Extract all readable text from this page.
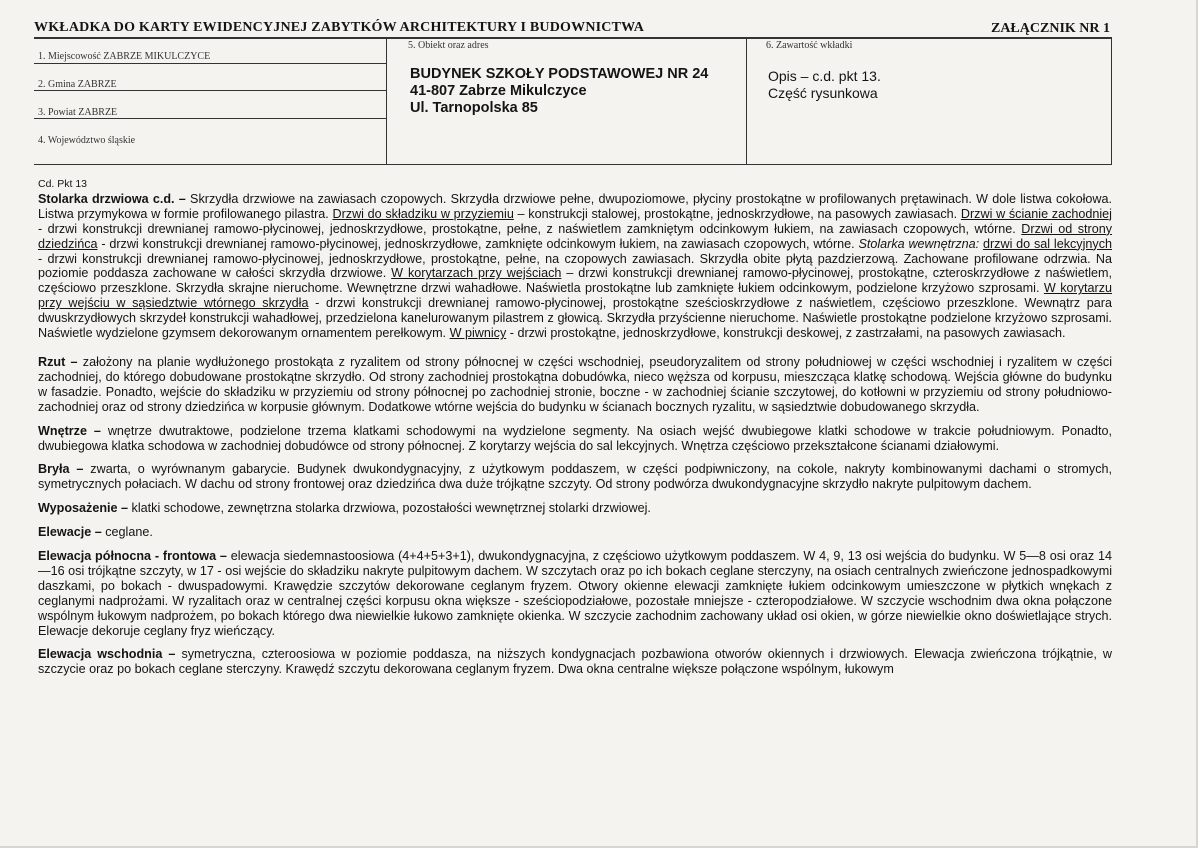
WKŁADKA DO KARTY EWIDENCYJNEJ ZABYTKÓW ARCHITEKTURY I BUDOWNICTWA	ZAŁĄCZNIK NR 1
1. Miejscowość ZABRZE MIKULCZYCE
2. Gmina ZABRZE
3. Powiat ZABRZE
4. Województwo śląskie
5. Obiekt oraz adres
BUDYNEK SZKOŁY PODSTAWOWEJ NR 24
41-807 Zabrze Mikulczyce
Ul. Tarnopolska 85
6. Zawartość wkładki
Opis – c.d. pkt 13.
Część rysunkowa

Cd. Pkt 13

Stolarka drzwiowa c.d. – Skrzydła drzwiowe na zawiasach czopowych. Skrzydła drzwiowe pełne, dwupoziomowe, płyciny prostokątne w profilowanych prętawinach. W dole listwa cokołowa. Listwa przymykowa w formie profilowanego pilastra. Drzwi do składziku w przyziemiu – konstrukcji stalowej, prostokątne, jednoskrzydłowe, na pasowych zawiasach. Drzwi w ścianie zachodniej - drzwi konstrukcji drewnianej ramowo-płycinowej, jednoskrzydłowe, prostokątne, pełne, z naświetlem zamkniętym odcinkowym łukiem, na zawiasach czopowych, wtórne. Drzwi od strony dziedzińca - drzwi konstrukcji drewnianej ramowo-płycinowej, jednoskrzydłowe, zamknięte odcinkowym łukiem, na zawiasach czopowych, wtórne. Stolarka wewnętrzna: drzwi do sal lekcyjnych - drzwi konstrukcji drewnianej ramowo-płycinowej, jednoskrzydłowe, prostokątne, pełne, na czopowych zawiasach. Skrzydła obite płytą pazdzierzową. Zachowane profilowane odrzwia. Na poziomie poddasza zachowane w całości skrzydła drzwiowe. W korytarzach przy wejściach – drzwi konstrukcji drewnianej ramowo-płycinowej, prostokątne, czteroskrzydłowe z naświetlem, częściowo przeszklone. Skrzydła skrajne nieruchome. Wewnętrzne drzwi wahadłowe. Naświetla prostokątne lub zamknięte łukiem odcinkowym, podzielone krzyżowo szprosami. W korytarzu przy wejściu w sąsiedztwie wtórnego skrzydła - drzwi konstrukcji drewnianej ramowo-płycinowej, prostokątne sześcioskrzydłowe z naświetlem, częściowo przeszklone. Wewnątrz para dwuskrzydłowych skrzydeł konstrukcji wahadłowej, przedzielona kanelurowanym pilastrem z głowicą. Skrzydła przyścienne nieruchome. Naświetle prostokątne podzielone krzyżowo szprosami. Naświetle wydzielone gzymsem dekorowanym ornamentem perełkowym. W piwnicy - drzwi prostokątne, jednoskrzydłowe, konstrukcji deskowej, z zastrzałami, na pasowych zawiasach.

Rzut – założony na planie wydłużonego prostokąta z ryzalitem od strony północnej w części wschodniej, pseudoryzalitem od strony południowej w części wschodniej i ryzalitem w części zachodniej, do którego dobudowane prostokątne skrzydło. Od strony zachodniej prostokątna dobudówka, nieco węższa od korpusu, mieszcząca klatkę schodową. Wejścia główne do budynku w fasadzie. Ponadto, wejście do składziku w przyziemiu od strony północnej po zachodniej stronie, boczne - w zachodniej ścianie szczytowej, do kotłowni w przyziemiu od strony południowo-zachodniej oraz od strony dziedzińca w korpusie głównym. Dodatkowe wtórne wejścia do budynku w ścianach bocznych ryzalitu, w sąsiedztwie dobudowanego skrzydła.

Wnętrze – wnętrze dwutraktowe, podzielone trzema klatkami schodowymi na wydzielone segmenty. Na osiach wejść dwubiegowe klatki schodowe w trakcie południowym. Ponadto, dwubiegowa klatka schodowa w zachodniej dobudówce od strony północnej. Z korytarzy wejścia do sal lekcyjnych. Wnętrza częściowo przekształcone ścianami działowymi.

Bryła – zwarta, o wyrównanym gabarycie. Budynek dwukondygnacyjny, z użytkowym poddaszem, w części podpiwniczony, na cokole, nakryty kombinowanymi dachami o stromych, symetrycznych połaciach. W dachu od strony frontowej oraz dziedzińca dwa duże trójkątne szczyty. Od strony podwórza dwukondygnacyjne skrzydło nakryte pulpitowym dachem.

Wyposażenie – klatki schodowe, zewnętrzna stolarka drzwiowa, pozostałości wewnętrznej stolarki drzwiowej.

Elewacje – ceglane.

Elewacja północna - frontowa – elewacja siedemnastoosiowa (4+4+5+3+1), dwukondygnacyjna, z częściowo użytkowym poddaszem. W 4, 9, 13 osi wejścia do budynku. W 5—8 osi oraz 14—16 osi trójkątne szczyty, w 17 - osi wejście do składziku nakryte pulpitowym dachem. W szczytach oraz po ich bokach ceglane sterczyny, na osiach centralnych zwieńczone jednospadkowymi daszkami, po bokach - dwuspadowymi. Krawędzie szczytów dekorowane ceglanym fryzem. Otwory okienne elewacji zamknięte łukiem odcinkowym umieszczone w płytkich wnękach z ceglanymi nadprożami. W ryzalitach oraz w centralnej części korpusu okna większe - sześciopodziałowe, pozostałe mniejsze - czteropodziałowe. W szczycie wschodnim dwa okna połączone wspólnym łukowym nadprożem, po bokach którego dwa niewielkie łukowo zamknięte okienka. W szczycie zachodnim zachowany układ osi okien, w górze niewielkie okno doświetlające strych. Elewacje dekoruje ceglany fryz wieńczący.

Elewacja wschodnia – symetryczna, czteroosiowa w poziomie poddasza, na niższych kondygnacjach pozbawiona otworów okiennych i drzwiowych. Elewacja zwieńczona trójkątnie, w szczycie oraz po bokach ceglane sterczyny. Krawędź szczytu dekorowana ceglanym fryzem. Dwa okna centralne większe połączone wspólnym, łukowym
